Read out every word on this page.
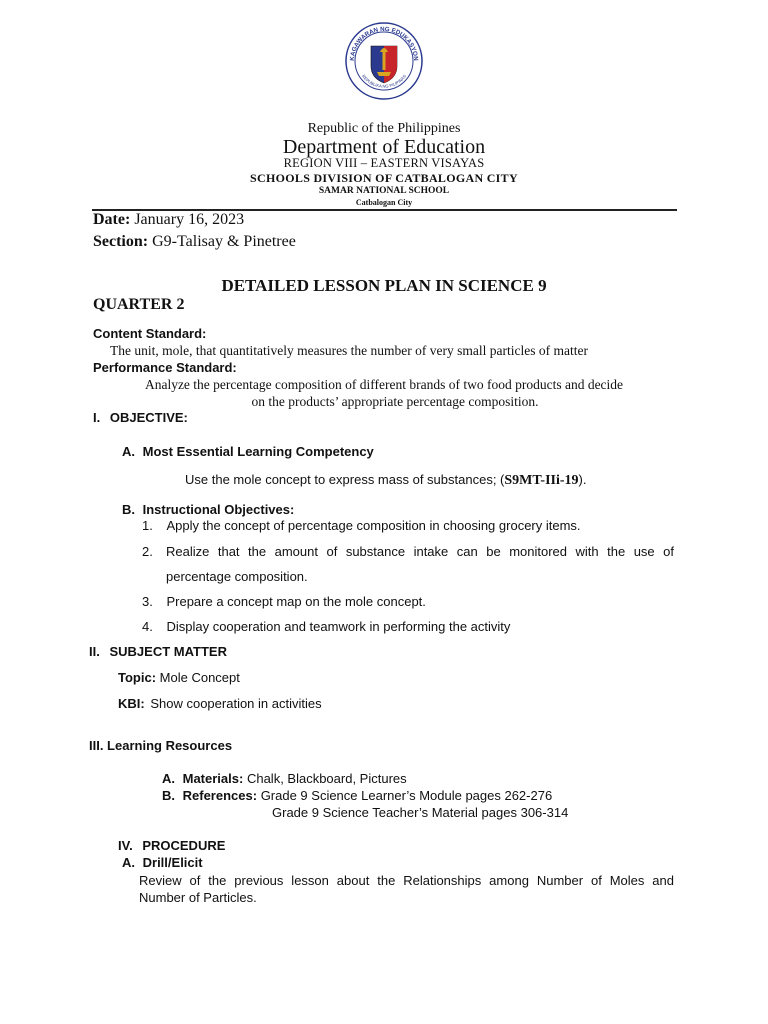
KAGAWARAN NG EDUKASYON
REPUBLIKA NG PILIPINAS
Republic of the Philippines
Department of Education
REGION VIII – EASTERN VISAYAS
SCHOOLS DIVISION OF CATBALOGAN CITY
SAMAR NATIONAL SCHOOL
Catbalogan City
Date: January 16, 2023
Section: G9-Talisay & Pinetree
DETAILED LESSON PLAN IN SCIENCE 9
QUARTER 2
Content Standard:
The unit, mole, that quantitatively measures the number of very small particles of matter
Performance Standard:
Analyze the percentage composition of different brands of two food products and decide
on the products’ appropriate percentage composition.
I. OBJECTIVE:
A. Most Essential Learning Competency
Use the mole concept to express mass of substances; (S9MT-IIi-19).
B. Instructional Objectives:
1. Apply the concept of percentage composition in choosing grocery items.
2. Realize that the amount of substance intake can be monitored with the use of
percentage composition.
3. Prepare a concept map on the mole concept.
4. Display cooperation and teamwork in performing the activity
II. SUBJECT MATTER
Topic: Mole Concept
KBI: Show cooperation in activities
III. Learning Resources
A. Materials: Chalk, Blackboard, Pictures
B. References: Grade 9 Science Learner’s Module pages 262-276
Grade 9 Science Teacher’s Material pages 306-314
IV. PROCEDURE
A. Drill/Elicit
Review of the previous lesson about the Relationships among Number of Moles and
Number of Particles.
